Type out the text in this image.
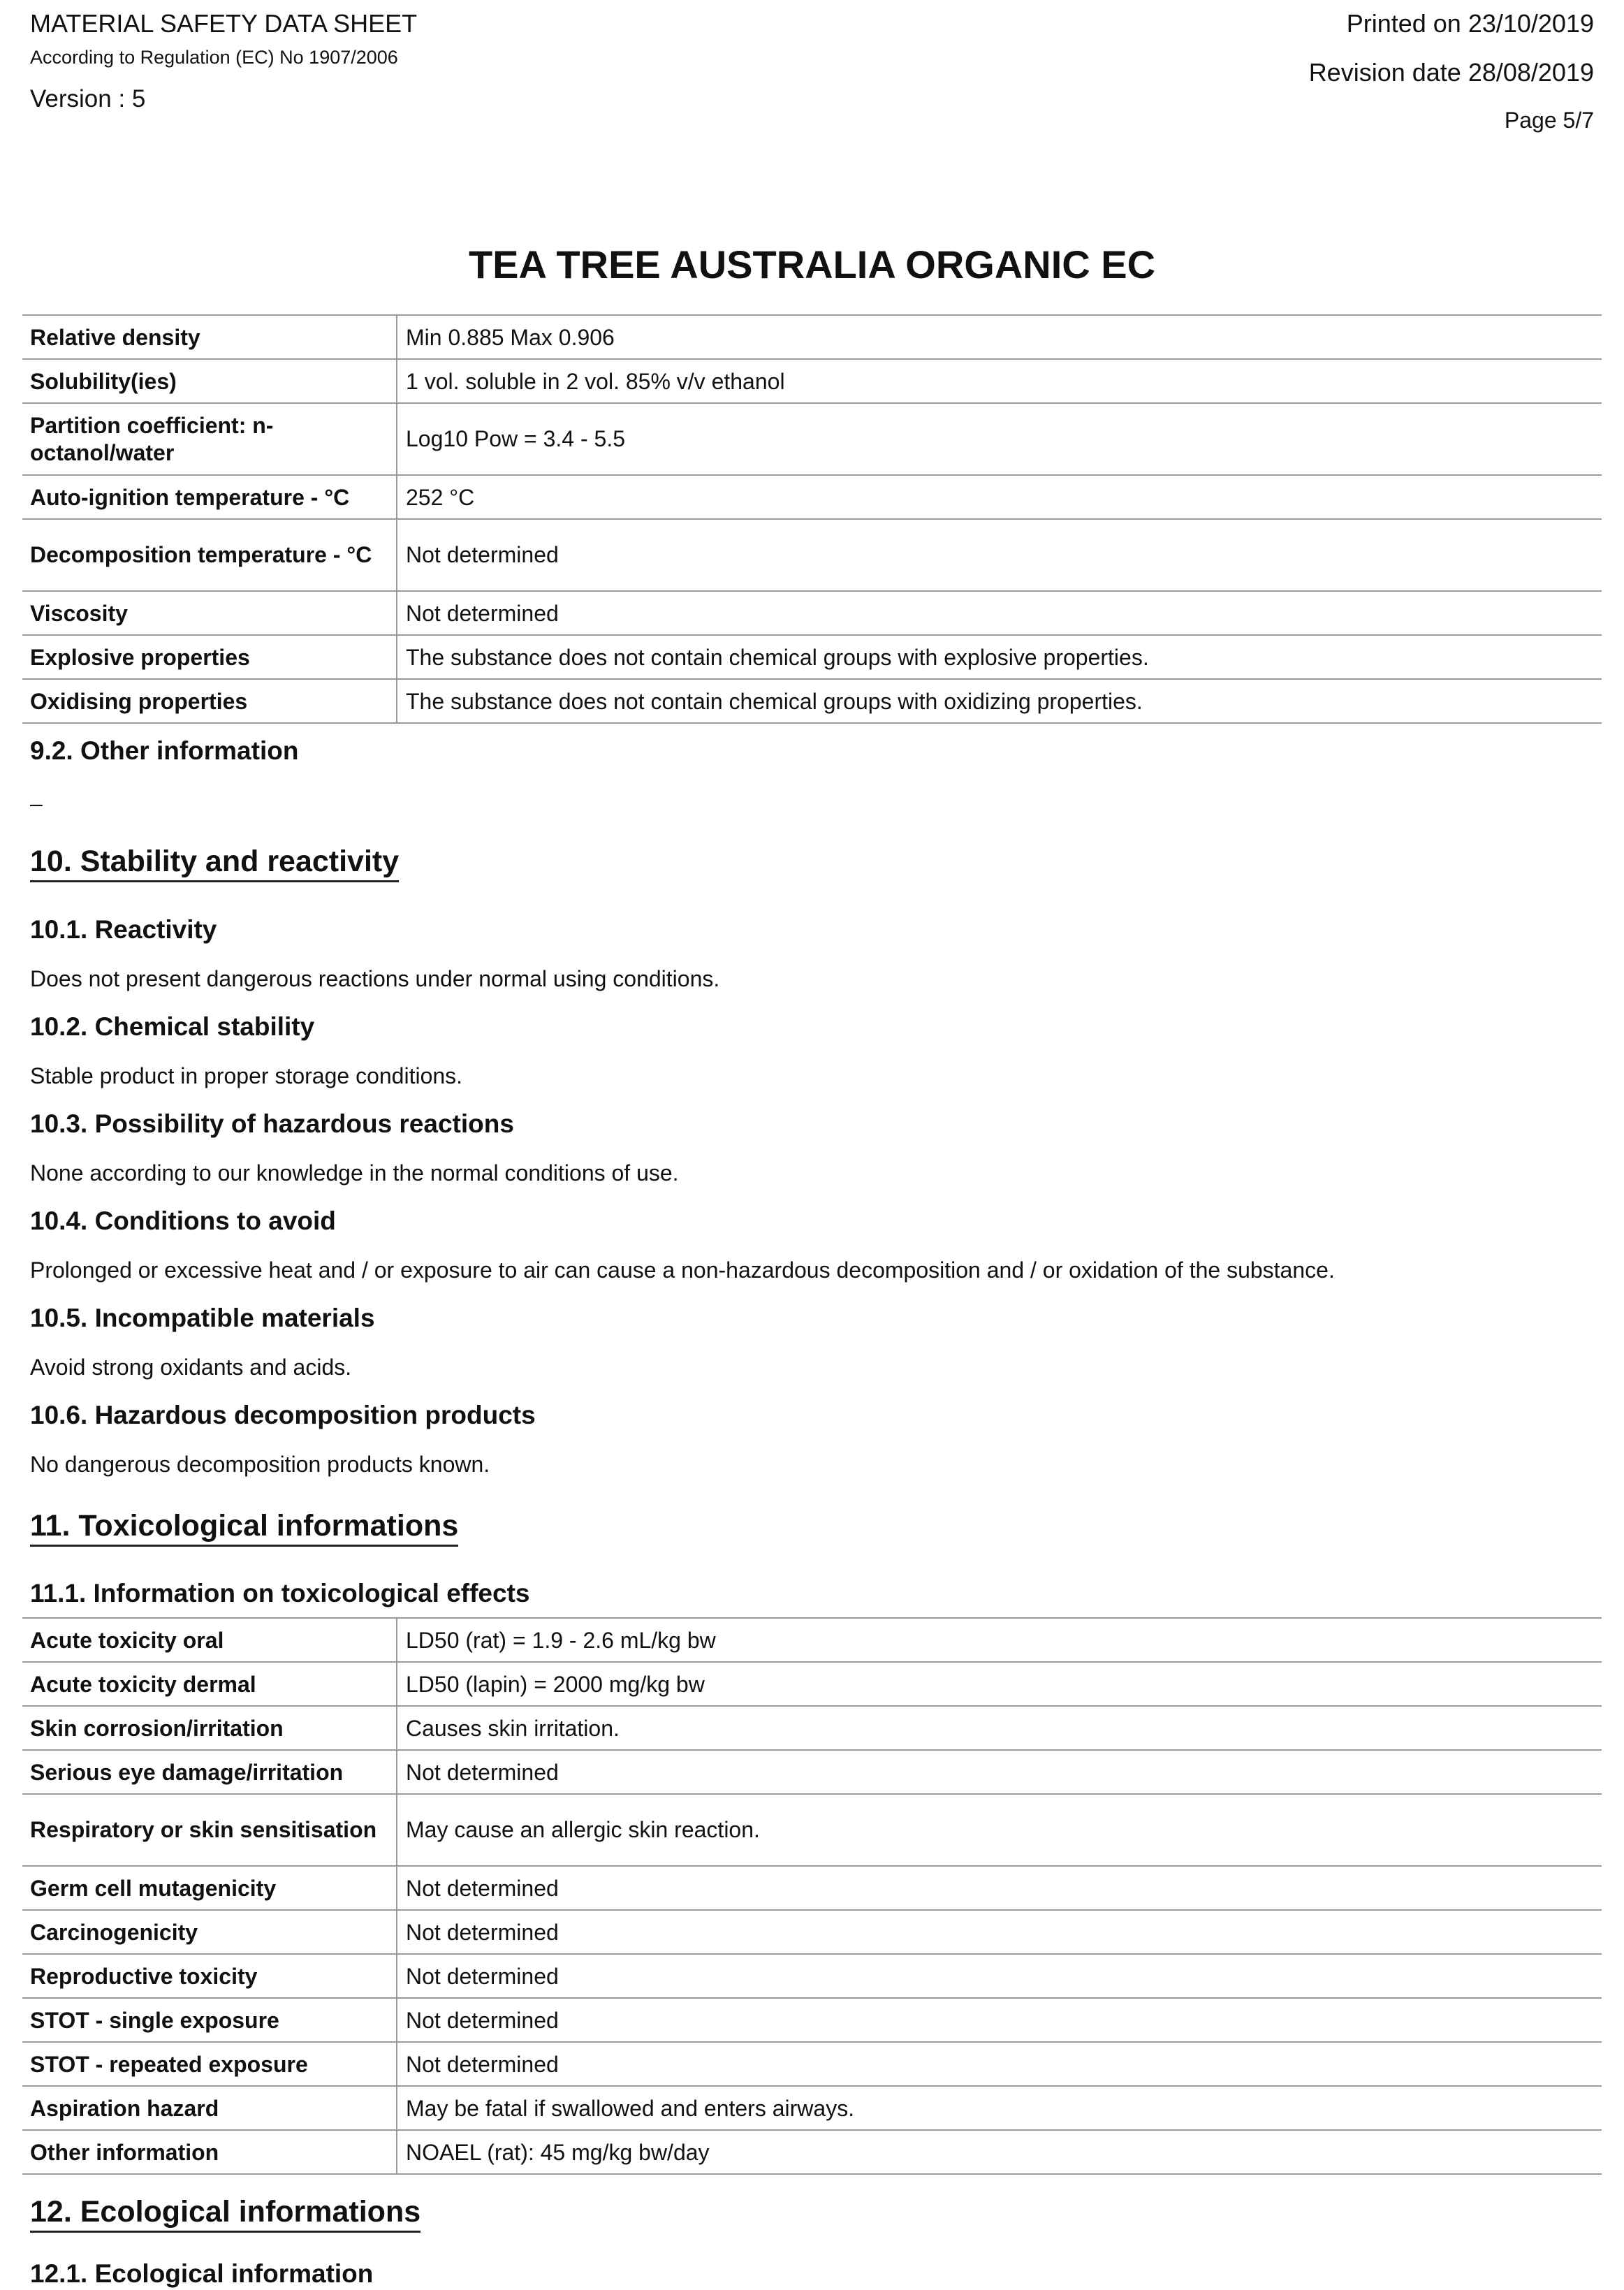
MATERIAL SAFETY DATA SHEET
According to Regulation (EC) No 1907/2006
Version : 5
Printed on 23/10/2019
Revision date 28/08/2019
Page 5/7
TEA TREE AUSTRALIA ORGANIC EC
Relative density	Min 0.885 Max 0.906
Solubility(ies)	1 vol. soluble in 2 vol. 85% v/v ethanol
Partition coefficient: n-octanol/water	Log10 Pow = 3.4 - 5.5
Auto-ignition temperature - °C	252 °C
Decomposition temperature - °C	Not determined
Viscosity	Not determined
Explosive properties	The substance does not contain chemical groups with explosive properties.
Oxidising properties	The substance does not contain chemical groups with oxidizing properties.
9.2. Other information
–
10. Stability and reactivity
10.1. Reactivity
Does not present dangerous reactions under normal using conditions.
10.2. Chemical stability
Stable product in proper storage conditions.
10.3. Possibility of hazardous reactions
None according to our knowledge in the normal conditions of use.
10.4. Conditions to avoid
Prolonged or excessive heat and / or exposure to air can cause a non-hazardous decomposition and / or oxidation of the substance.
10.5. Incompatible materials
Avoid strong oxidants and acids.
10.6. Hazardous decomposition products
No dangerous decomposition products known.
11. Toxicological informations
11.1. Information on toxicological effects
Acute toxicity oral	LD50 (rat) = 1.9 - 2.6 mL/kg bw
Acute toxicity dermal	LD50 (lapin) = 2000 mg/kg bw
Skin corrosion/irritation	Causes skin irritation.
Serious eye damage/irritation	Not determined
Respiratory or skin sensitisation	May cause an allergic skin reaction.
Germ cell mutagenicity	Not determined
Carcinogenicity	Not determined
Reproductive toxicity	Not determined
STOT - single exposure	Not determined
STOT - repeated exposure	Not determined
Aspiration hazard	May be fatal if swallowed and enters airways.
Other information	NOAEL (rat): 45 mg/kg bw/day
12. Ecological informations
12.1. Ecological information
